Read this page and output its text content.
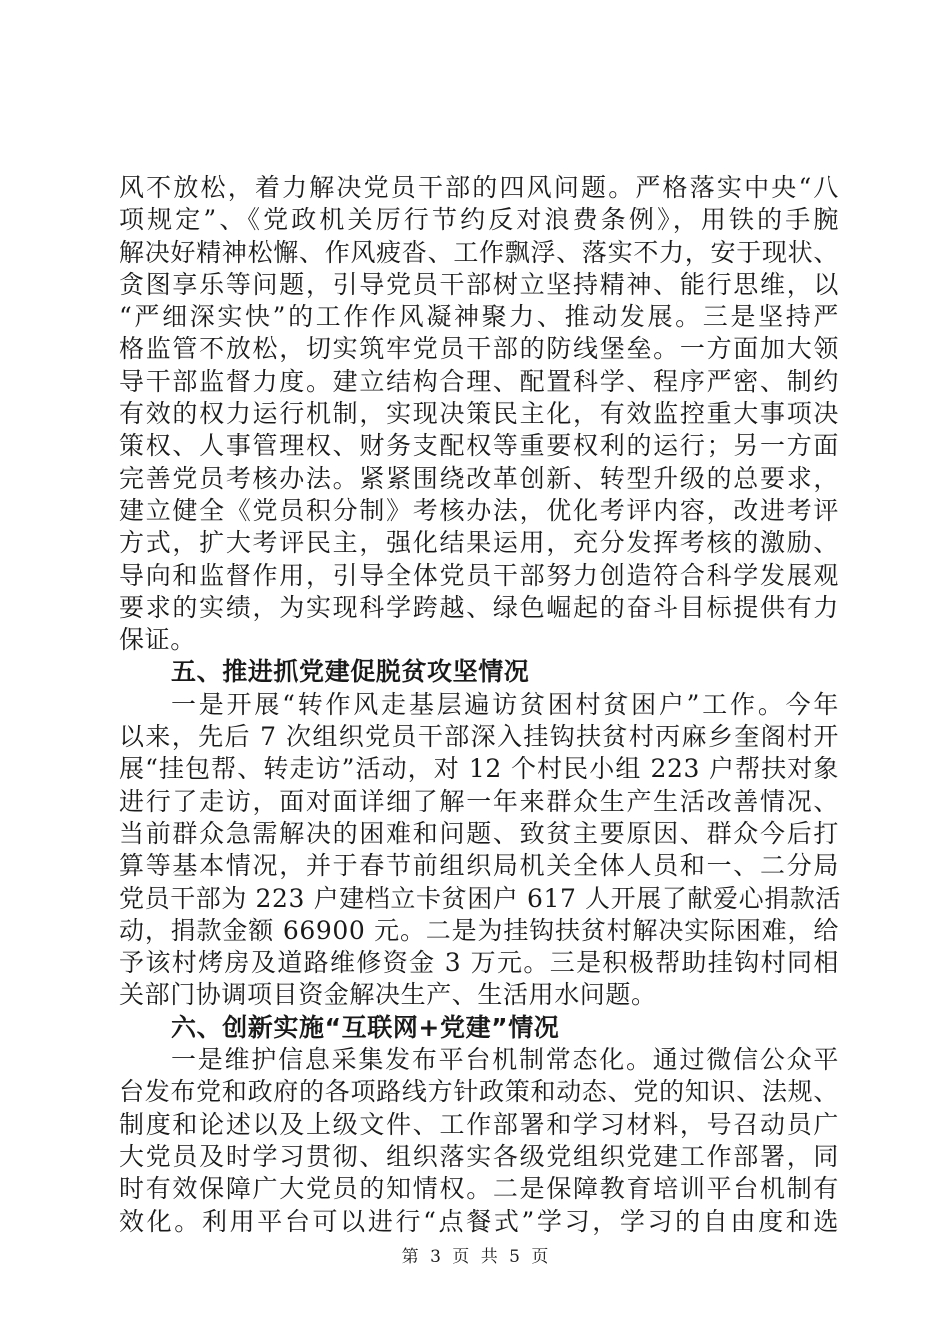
风不放松，着力解决党员干部的四风问题。严格落实中央“八
项规定”、《党政机关厉行节约反对浪费条例》，用铁的手腕
解决好精神松懈、作风疲沓、工作飘浮、落实不力，安于现状、
贪图享乐等问题，引导党员干部树立坚持精神、能行思维，以
“严细深实快”的工作作风凝神聚力、推动发展。三是坚持严
格监管不放松，切实筑牢党员干部的防线堡垒。一方面加大领
导干部监督力度。建立结构合理、配置科学、程序严密、制约
有效的权力运行机制，实现决策民主化，有效监控重大事项决
策权、人事管理权、财务支配权等重要权利的运行；另一方面
完善党员考核办法。紧紧围绕改革创新、转型升级的总要求，
建立健全《党员积分制》考核办法，优化考评内容，改进考评
方式，扩大考评民主，强化结果运用，充分发挥考核的激励、
导向和监督作用，引导全体党员干部努力创造符合科学发展观
要求的实绩，为实现科学跨越、绿色崛起的奋斗目标提供有力
保证。
五、推进抓党建促脱贫攻坚情况
一是开展“转作风走基层遍访贫困村贫困户”工作。今年
以来，先后 7 次组织党员干部深入挂钩扶贫村丙麻乡奎阁村开
展“挂包帮、转走访”活动，对 12 个村民小组 223 户帮扶对象
进行了走访，面对面详细了解一年来群众生产生活改善情况、
当前群众急需解决的困难和问题、致贫主要原因、群众今后打
算等基本情况，并于春节前组织局机关全体人员和一、二分局
党员干部为 223 户建档立卡贫困户 617 人开展了献爱心捐款活
动，捐款金额 66900 元。二是为挂钩扶贫村解决实际困难，给
予该村烤房及道路维修资金 3 万元。三是积极帮助挂钩村同相
关部门协调项目资金解决生产、生活用水问题。
六、创新实施“互联网+党建”情况
一是维护信息采集发布平台机制常态化。通过微信公众平
台发布党和政府的各项路线方针政策和动态、党的知识、法规、
制度和论述以及上级文件、工作部署和学习材料，号召动员广
大党员及时学习贯彻、组织落实各级党组织党建工作部署，同
时有效保障广大党员的知情权。二是保障教育培训平台机制有
效化。利用平台可以进行“点餐式”学习，学习的自由度和选
第 3 页 共 5 页
